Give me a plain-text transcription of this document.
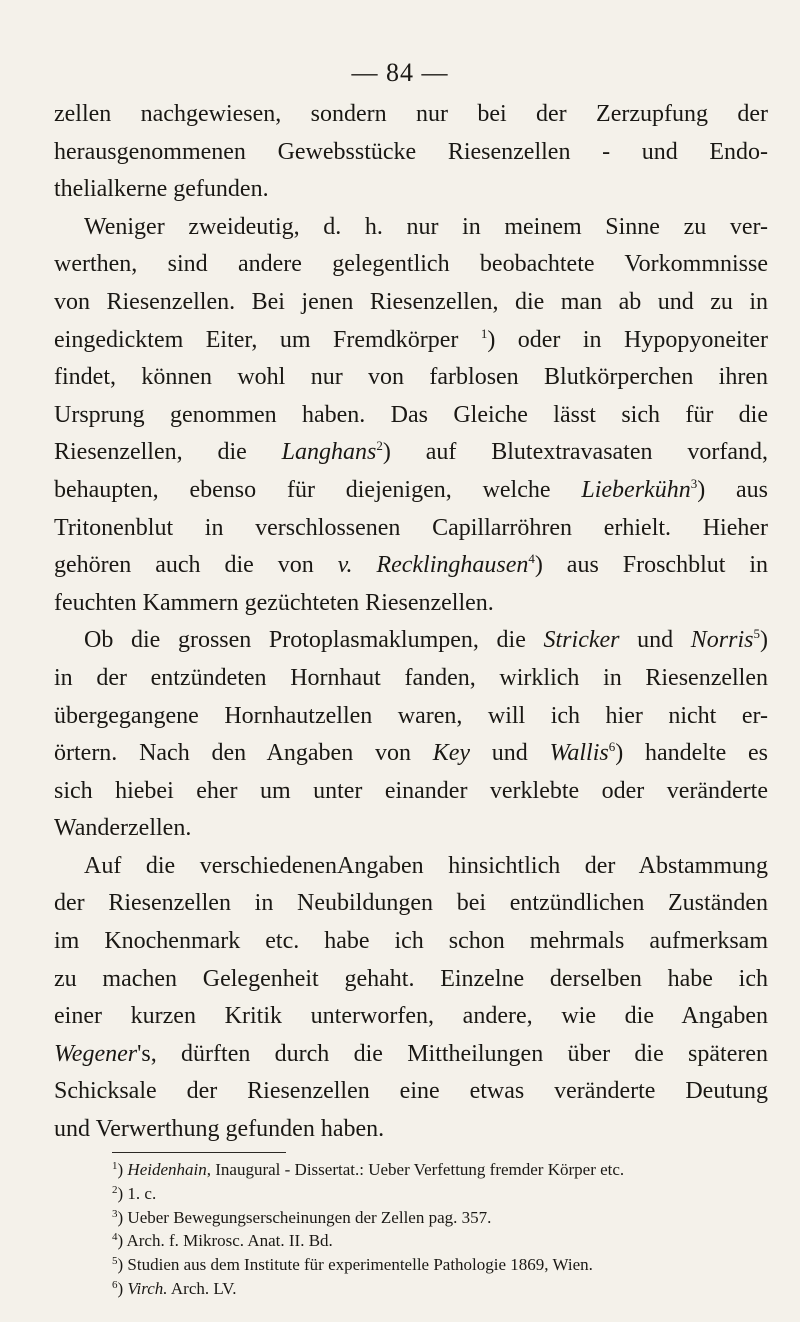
— 84 —
zellen nachgewiesen, sondern nur bei der Zerzupfung der
herausgenommenen Gewebsstücke Riesenzellen - und Endo-
thelialkerne gefunden.
Weniger zweideutig, d. h. nur in meinem Sinne zu ver-
werthen, sind andere gelegentlich beobachtete Vorkommnisse
von Riesenzellen. Bei jenen Riesenzellen, die man ab und zu in
eingedicktem Eiter, um Fremdkörper $^1$) oder in Hypopyoneiter
findet, können wohl nur von farblosen Blutkörperchen ihren
Ursprung genommen haben. Das Gleiche lässt sich für die
Riesenzellen, die Langhans$^2$) auf Blutextravasaten vorfand,
behaupten, ebenso für diejenigen, welche Lieberkühn$^3$) aus
Tritonenblut in verschlossenen Capillarröhren erhielt. Hieher
gehören auch die von v. Recklinghausen$^4$) aus Froschblut in
feuchten Kammern gezüchteten Riesenzellen.
Ob die grossen Protoplasmaklumpen, die Stricker und Norris$^5$)
in der entzündeten Hornhaut fanden, wirklich in Riesenzellen
übergegangene Hornhautzellen waren, will ich hier nicht er-
örtern. Nach den Angaben von Key und Wallis$^6$) handelte es
sich hiebei eher um unter einander verklebte oder veränderte
Wanderzellen.
Auf die verschiedenenAngaben hinsichtlich der Abstammung
der Riesenzellen in Neubildungen bei entzündlichen Zuständen
im Knochenmark etc. habe ich schon mehrmals aufmerksam
zu machen Gelegenheit gehaht. Einzelne derselben habe ich
einer kurzen Kritik unterworfen, andere, wie die Angaben
Wegener's, dürften durch die Mittheilungen über die späteren
Schicksale der Riesenzellen eine etwas veränderte Deutung
und Verwerthung gefunden haben.
$^1$) Heidenhain, Inaugural - Dissertat.: Ueber Verfettung fremder Körper etc.
$^2$) 1. c.
$^3$) Ueber Bewegungserscheinungen der Zellen pag. 357.
$^4$) Arch. f. Mikrosc. Anat. II. Bd.
$^5$) Studien aus dem Institute für experimentelle Pathologie 1869, Wien.
$^6$) Virch. Arch. LV.
